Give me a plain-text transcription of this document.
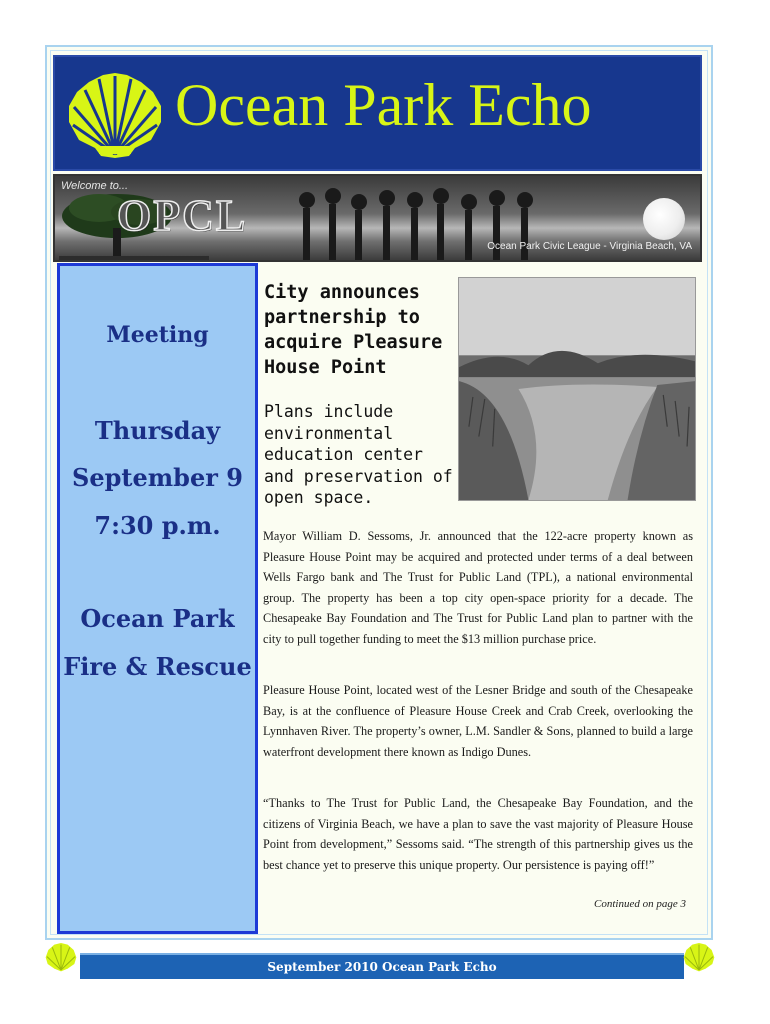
Ocean Park Echo
Welcome to...
OPCL
Ocean Park Civic League - Virginia Beach, VA
Meeting
Thursday
September 9
7:30 p.m.
Ocean Park
Fire & Rescue
City announces partnership to acquire Pleasure House Point
Plans include environmental education center and preservation of open space.
Mayor William D. Sessoms, Jr. announced that the 122-acre property known as Pleasure House Point may be acquired and protected under terms of a deal between Wells Fargo bank and The Trust for Public Land (TPL), a national environmental group. The property has been a top city open-space priority for a decade. The Chesapeake Bay Foundation and The Trust for Public Land plan to partner with the city to pull together funding to meet the $13 million purchase price.
Pleasure House Point, located west of the Lesner Bridge and south of the Chesapeake Bay, is at the confluence of Pleasure House Creek and Crab Creek, overlooking the Lynnhaven River. The property’s owner, L.M. Sandler & Sons, planned to build a large waterfront development there known as Indigo Dunes.
“Thanks to The Trust for Public Land, the Chesapeake Bay Foundation, and the citizens of Virginia Beach, we have a plan to save the vast majority of Pleasure House Point from development,” Sessoms said. “The strength of this partnership gives us the best chance yet to preserve this unique property. Our persistence is paying off!”
Continued on page 3
September 2010 Ocean Park Echo
